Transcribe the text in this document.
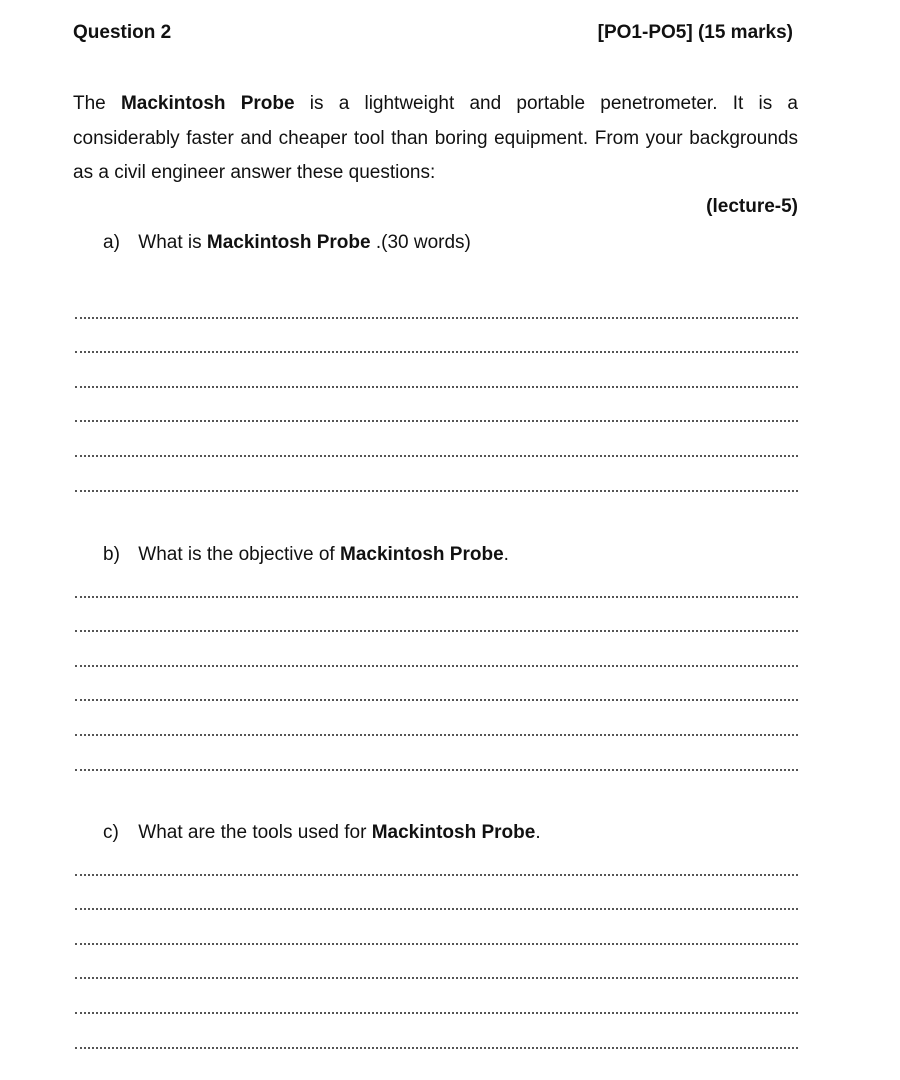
Question 2	[PO1-PO5] (15 marks)

The Mackintosh Probe is a lightweight and portable penetrometer. It is a considerably faster and cheaper tool than boring equipment. From your backgrounds as a civil engineer answer these questions:

(lecture-5)
a) What is Mackintosh Probe .(30 words)
b) What is the objective of Mackintosh Probe.
c) What are the tools used for Mackintosh Probe.
